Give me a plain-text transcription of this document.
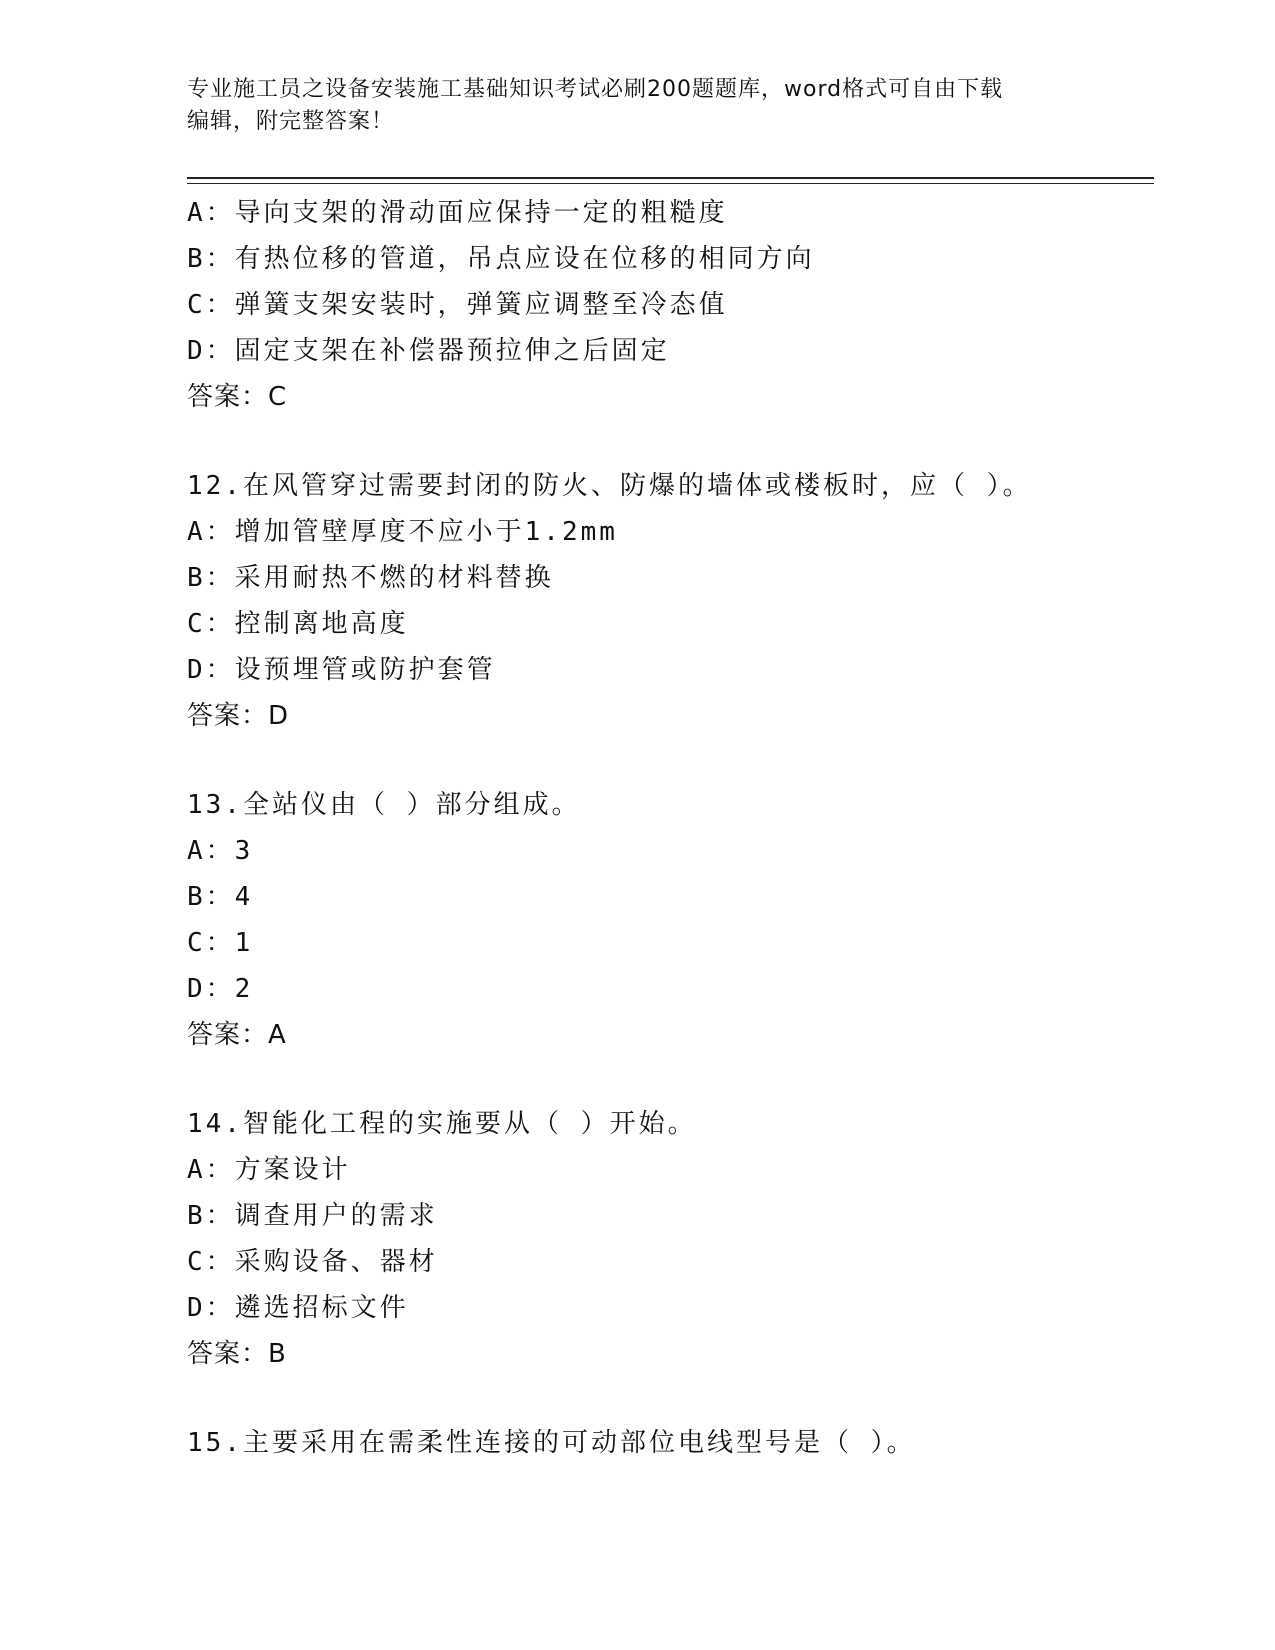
专业施工员之设备安装施工基础知识考试必刷200题题库，word格式可自由下载
编辑，附完整答案！
A：导向支架的滑动面应保持一定的粗糙度
B：有热位移的管道，吊点应设在位移的相同方向
C：弹簧支架安装时，弹簧应调整至冷态值
D：固定支架在补偿器预拉伸之后固定
答案：C
12.在风管穿过需要封闭的防火、防爆的墙体或楼板时，应（ ）。
A：增加管壁厚度不应小于1.2mm
B：采用耐热不燃的材料替换
C：控制离地高度
D：设预埋管或防护套管
答案：D
13.全站仪由（ ）部分组成。
A：3
B：4
C：1
D：2
答案：A
14.智能化工程的实施要从（ ）开始。
A：方案设计
B：调查用户的需求
C：采购设备、器材
D：遴选招标文件
答案：B
15.主要采用在需柔性连接的可动部位电线型号是（ ）。
